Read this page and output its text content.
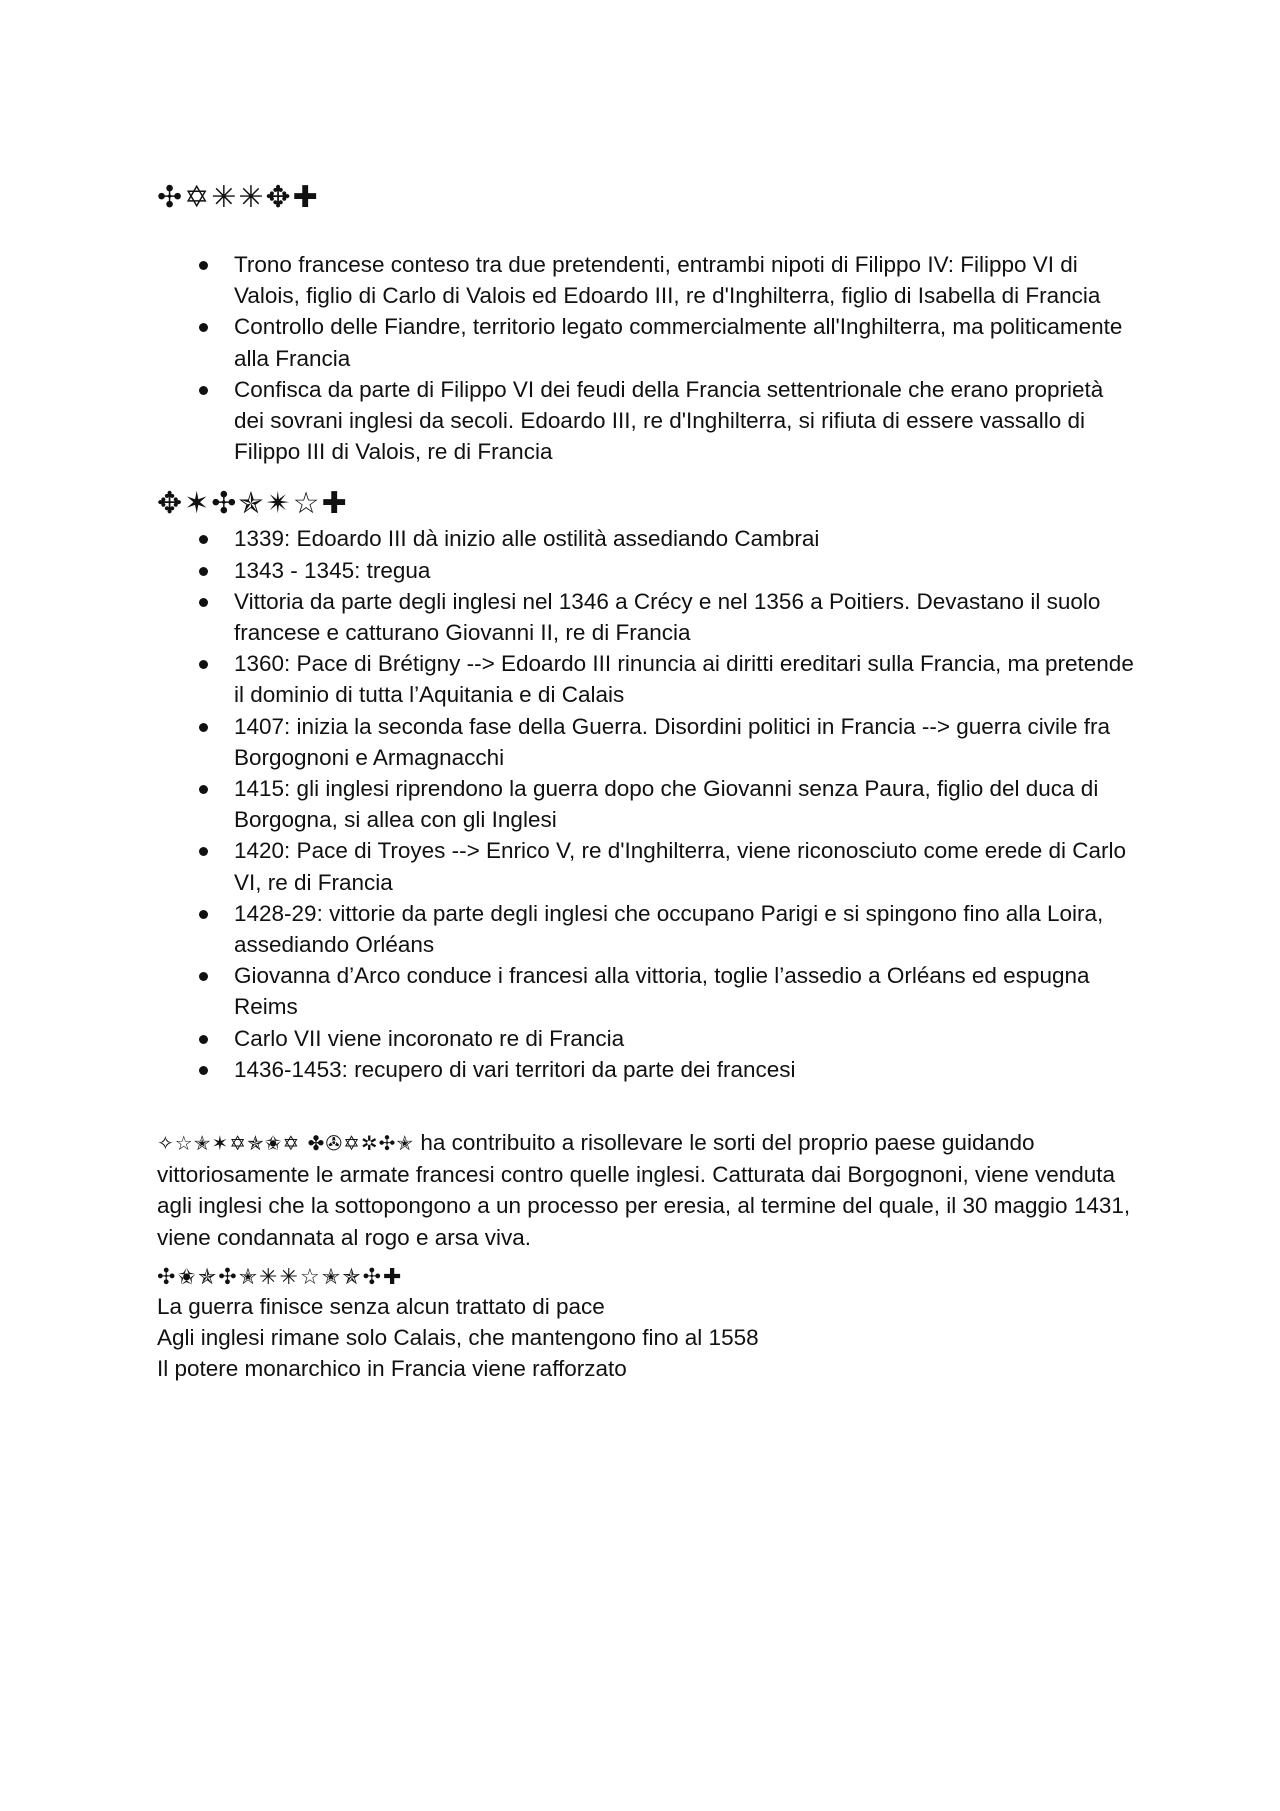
✣✡✳✳✥✚
Trono francese conteso tra due pretendenti, entrambi nipoti di Filippo IV: Filippo VI di Valois, figlio di Carlo di Valois ed Edoardo III, re d'Inghilterra, figlio di Isabella di Francia
Controllo delle Fiandre, territorio legato commercialmente all'Inghilterra, ma politicamente alla Francia
Confisca da parte di Filippo VI dei feudi della Francia settentrionale che erano proprietà dei sovrani inglesi da secoli. Edoardo III, re d'Inghilterra, si rifiuta di essere vassallo di Filippo III di Valois, re di Francia
✥✶✣✯✴☆✚
1339: Edoardo III dà inizio alle ostilità assediando Cambrai
1343 - 1345: tregua
Vittoria da parte degli inglesi nel 1346 a Crécy e nel 1356 a Poitiers. Devastano il suolo francese e catturano Giovanni II, re di Francia
1360: Pace di Brétigny --> Edoardo III rinuncia ai diritti ereditari sulla Francia, ma pretende il dominio di tutta l’Aquitania e di Calais
1407: inizia la seconda fase della Guerra. Disordini politici in Francia --> guerra civile fra Borgognoni e Armagnacchi
1415: gli inglesi riprendono la guerra dopo che Giovanni senza Paura, figlio del duca di Borgogna, si allea con gli Inglesi
1420: Pace di Troyes --> Enrico V, re d'Inghilterra, viene riconosciuto come erede di Carlo VI, re di Francia
1428-29: vittorie da parte degli inglesi che occupano Parigi e si spingono fino alla Loira, assediando Orléans
Giovanna d’Arco conduce i francesi alla vittoria, toglie l’assedio a Orléans ed espugna Reims
Carlo VII viene incoronato re di Francia
1436-1453: recupero di vari territori da parte dei francesi

✧☆✭✶✡✯✬✡ ✤✇✡✲✣✭ ha contribuito a risollevare le sorti del proprio paese guidando vittoriosamente le armate francesi contro quelle inglesi. Catturata dai Borgognoni, viene venduta agli inglesi che la sottopongono a un processo per eresia, al termine del quale, il 30 maggio 1431, viene condannata al rogo e arsa viva.

✣✬✯✣✭✳✳☆✭✯✣✚

La guerra finisce senza alcun trattato di pace

Agli inglesi rimane solo Calais, che mantengono fino al 1558

Il potere monarchico in Francia viene rafforzato
